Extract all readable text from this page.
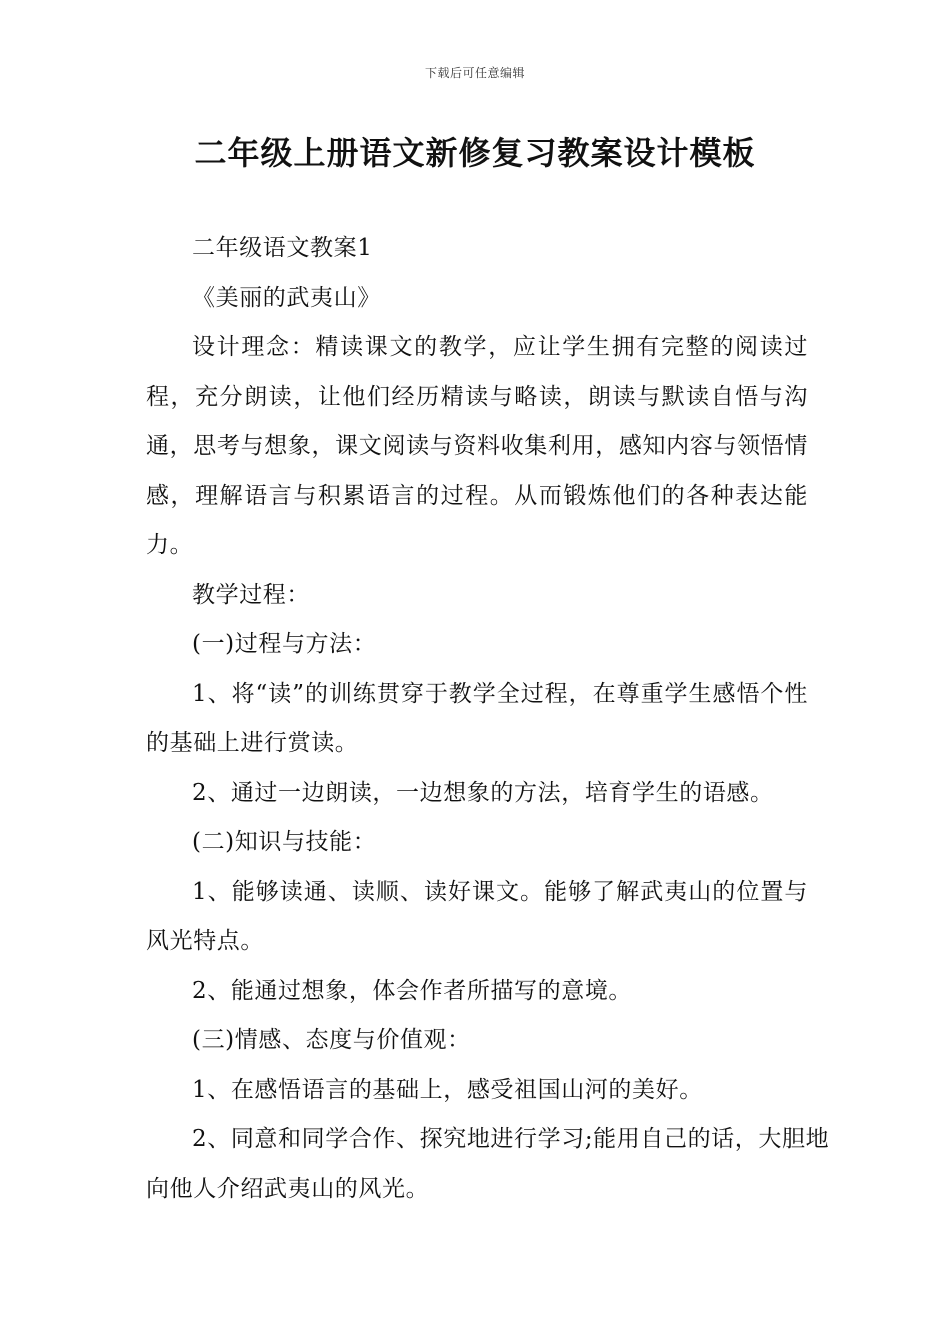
下载后可任意编辑
二年级上册语文新修复习教案设计模板

二年级语文教案1

《美丽的武夷山》

设计理念：精读课文的教学，应让学生拥有完整的阅读过程，充分朗读，让他们经历精读与略读，朗读与默读自悟与沟通，思考与想象，课文阅读与资料收集利用，感知内容与领悟情感，理解语言与积累语言的过程。从而锻炼他们的各种表达能力。

教学过程：

(一)过程与方法：

1、将“读”的训练贯穿于教学全过程，在尊重学生感悟个性的基础上进行赏读。

2、通过一边朗读，一边想象的方法，培育学生的语感。

(二)知识与技能：

1、能够读通、读顺、读好课文。能够了解武夷山的位置与风光特点。

2、能通过想象，体会作者所描写的意境。

(三)情感、态度与价值观：

1、在感悟语言的基础上，感受祖国山河的美好。

2、同意和同学合作、探究地进行学习;能用自己的话，大胆地向他人介绍武夷山的风光。
